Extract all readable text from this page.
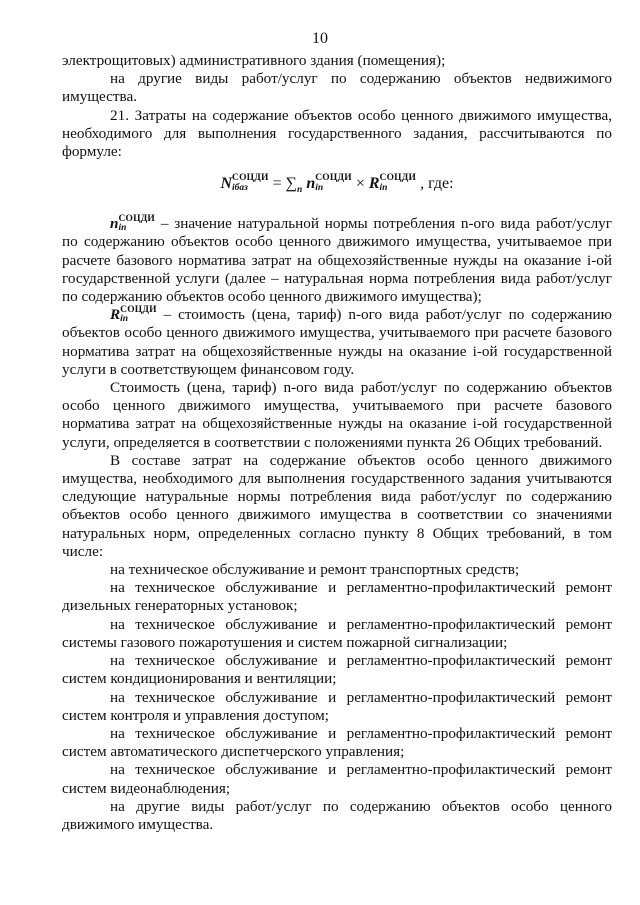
10

электрощитовых) административного здания (помещения);

на другие виды работ/услуг по содержанию объектов недвижимого имущества.

21. Затраты на содержание объектов особо ценного движимого имущества, необходимого для выполнения государственного задания, рассчитываются по формуле:

N СОЦДИ
iбаз	= $\sum_n$ n СОЦДИ
in	× R СОЦДИ
in	, где:

n СОЦДИ
in	– значение натуральной нормы потребления n-ого вида работ/услуг по содержанию объектов особо ценного движимого имущества, учитываемое при расчете базового норматива затрат на общехозяйственные нужды на оказание i-ой государственной услуги (далее – натуральная норма потребления вида работ/услуг по содержанию объектов особо ценного движимого имущества);

R СОЦДИ
in	– стоимость (цена, тариф) n-ого вида работ/услуг по содержанию объектов особо ценного движимого имущества, учитываемого при расчете базового норматива затрат на общехозяйственные нужды на оказание i-ой государственной услуги в соответствующем финансовом году.

Стоимость (цена, тариф) n-ого вида работ/услуг по содержанию объектов особо ценного движимого имущества, учитываемого при расчете базового норматива затрат на общехозяйственные нужды на оказание i-ой государственной услуги, определяется в соответствии с положениями пункта 26 Общих требований.

В составе затрат на содержание объектов особо ценного движимого имущества, необходимого для выполнения государственного задания учитываются следующие натуральные нормы потребления вида работ/услуг по содержанию объектов особо ценного движимого имущества в соответствии со значениями натуральных норм, определенных согласно пункту 8 Общих требований, в том числе:

на техническое обслуживание и ремонт транспортных средств;

на техническое обслуживание и регламентно-профилактический ремонт дизельных генераторных установок;

на техническое обслуживание и регламентно-профилактический ремонт системы газового пожаротушения и систем пожарной сигнализации;

на техническое обслуживание и регламентно-профилактический ремонт систем кондиционирования и вентиляции;

на техническое обслуживание и регламентно-профилактический ремонт систем контроля и управления доступом;

на техническое обслуживание и регламентно-профилактический ремонт систем автоматического диспетчерского управления;

на техническое обслуживание и регламентно-профилактический ремонт систем видеонаблюдения;

на другие виды работ/услуг по содержанию объектов особо ценного движимого имущества.
